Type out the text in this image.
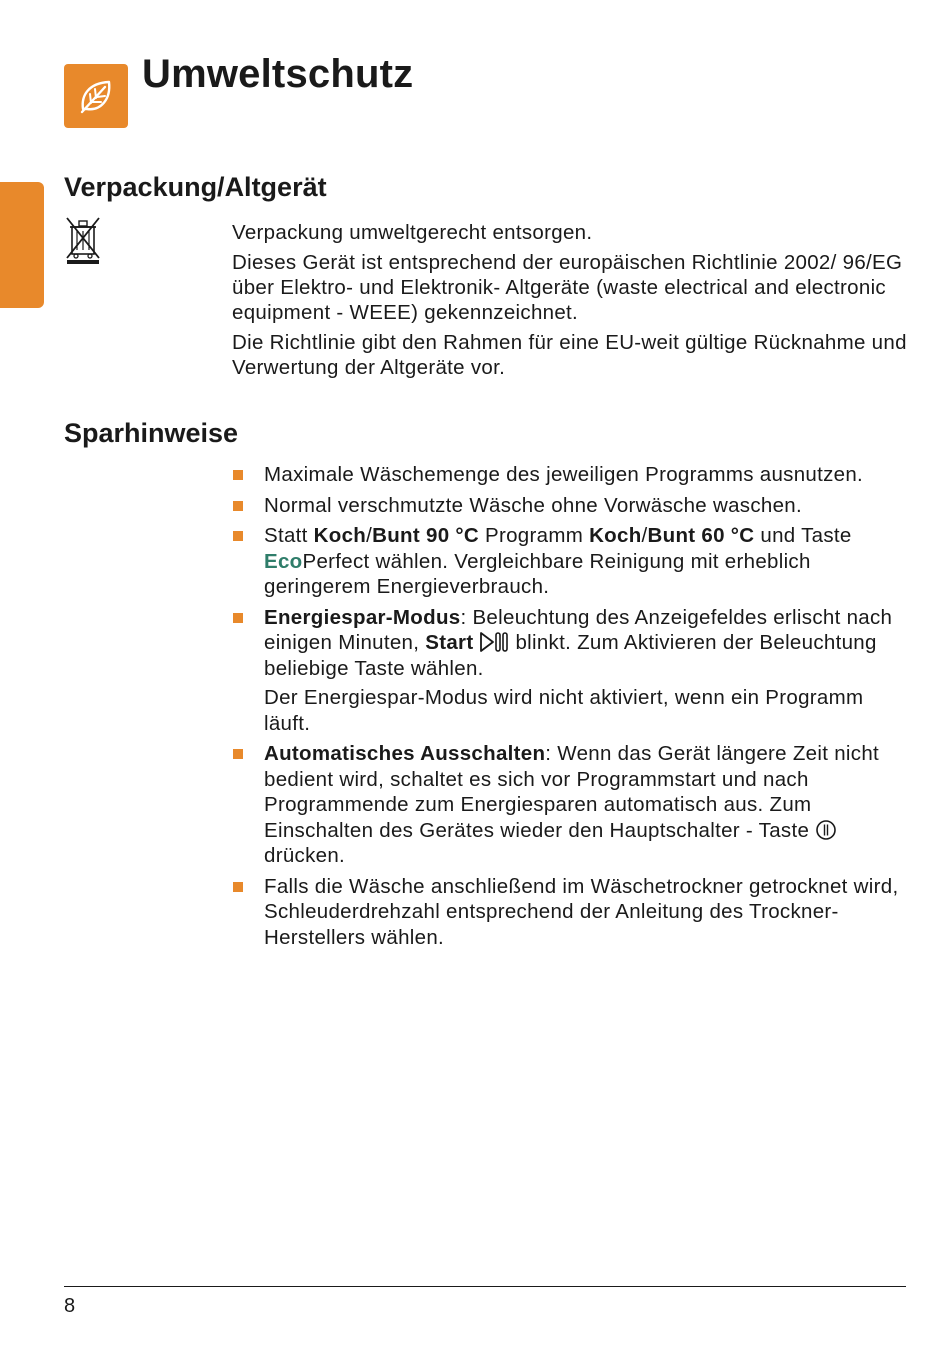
Umweltschutz
Verpackung/Altgerät

Verpackung umweltgerecht entsorgen.

Dieses Gerät ist entsprechend der europäischen Richtlinie 2002/ 96/EG über Elektro- und Elektronik- Altgeräte (waste electrical and electronic equipment - WEEE) gekennzeichnet.

Die Richtlinie gibt den Rahmen für eine EU-weit gültige Rücknahme und Verwertung der Altgeräte vor.

Sparhinweise

Maximale Wäschemenge des jeweiligen Programms ausnutzen.

Normal verschmutzte Wäsche ohne Vorwäsche waschen.

Statt Koch/Bunt 90 °C Programm Koch/Bunt 60 °C und Taste EcoPerfect wählen. Vergleichbare Reinigung mit erheblich geringerem Energieverbrauch.

Energiespar-Modus: Beleuchtung des Anzeigefeldes erlischt nach einigen Minuten, Start  blinkt. Zum Aktivieren der Beleuchtung beliebige Taste wählen.

Der Energiespar-Modus wird nicht aktiviert, wenn ein Programm läuft.

Automatisches Ausschalten: Wenn das Gerät längere Zeit nicht bedient wird, schaltet es sich vor Programmstart und nach Programmende zum Energiesparen automatisch aus. Zum Einschalten des Gerätes wieder den Hauptschalter - Taste  drücken.

Falls die Wäsche anschließend im Wäschetrockner getrocknet wird, Schleuderdrehzahl entsprechend der Anleitung des Trockner-Herstellers wählen.

8
